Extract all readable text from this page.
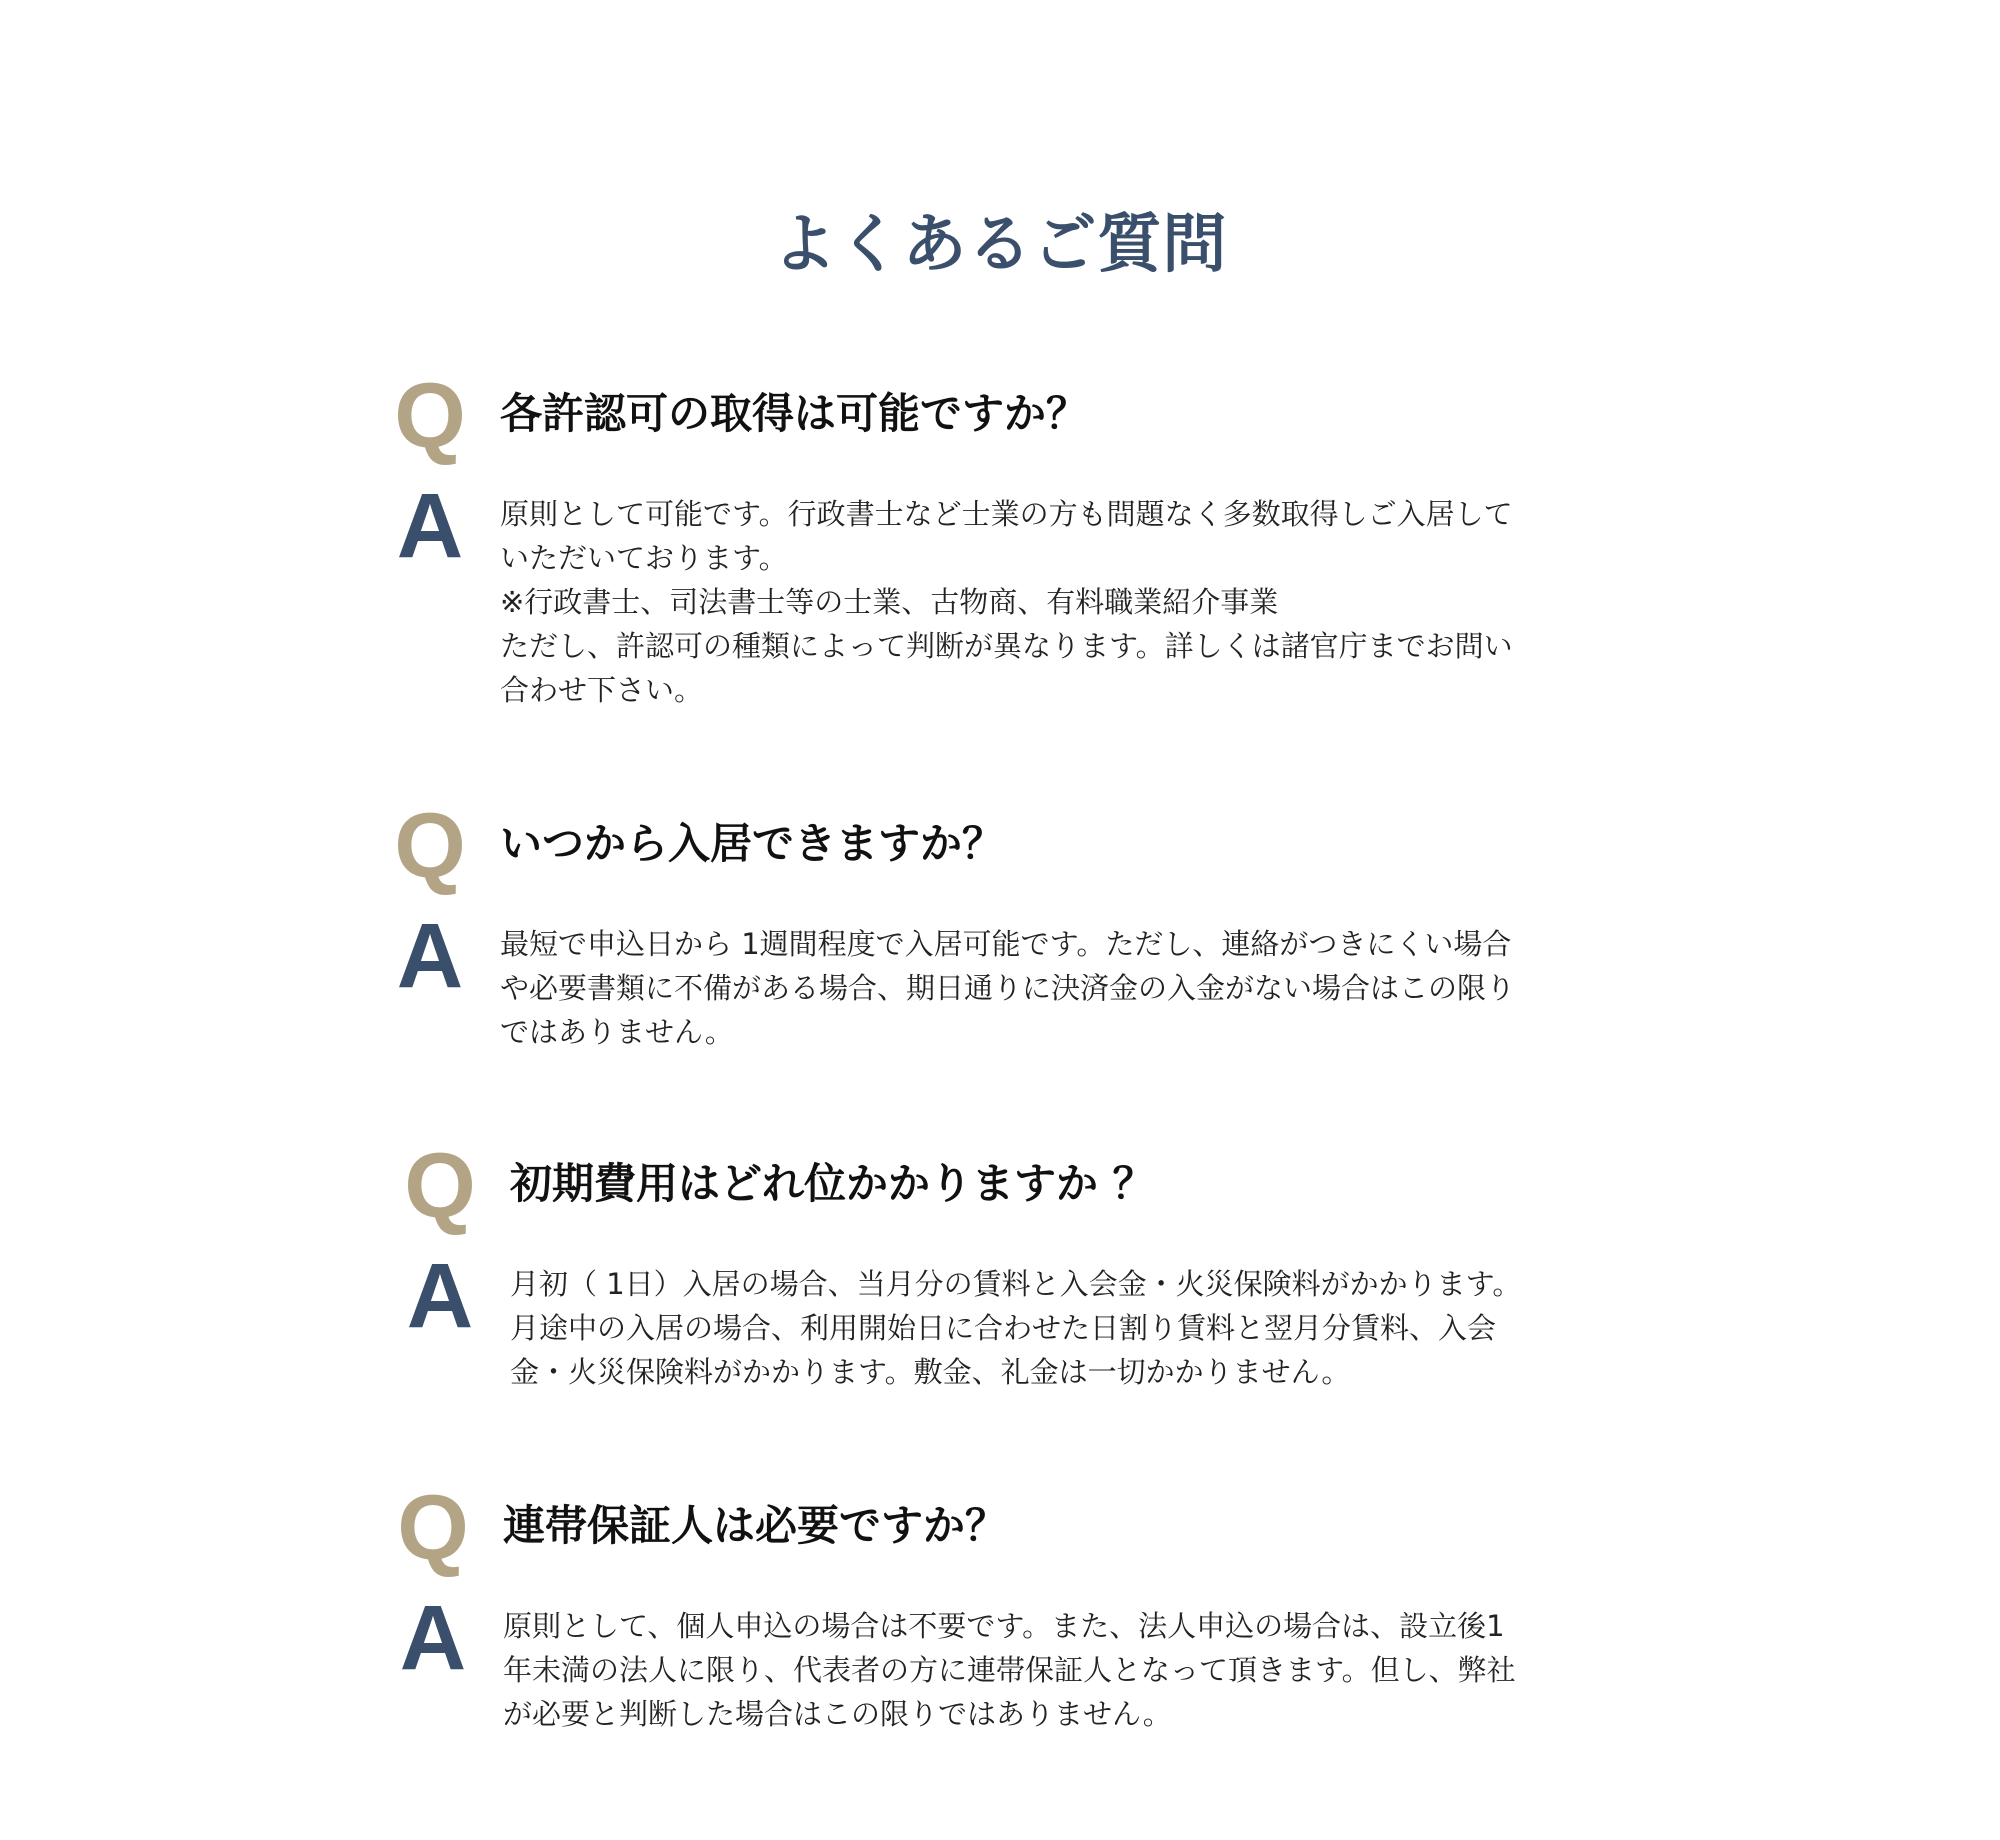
よくあるご質問
Q 各許認可の取得は可能ですか？
A 原則として可能です。行政書士など士業の方も問題なく多数取得しご入居して

いただいております。

※行政書士、司法書士等の士業、古物商、有料職業紹介事業

ただし、許認可の種類によって判断が異なります。詳しくは諸官庁までお問い

合わせ下さい。

Q いつから入居できますか？
A 最短で申込日から 1週間程度で入居可能です。ただし、連絡がつきにくい場合

や必要書類に不備がある場合、期日通りに決済金の入金がない場合はこの限り

ではありません。

Q 初期費用はどれ位かかりますか ？
A 月初（ 1日）入居の場合、当月分の賃料と入会金・火災保険料がかかります。

月途中の入居の場合、利用開始日に合わせた日割り賃料と翌月分賃料、入会

金・火災保険料がかかります。敷金、礼金は一切かかりません。

Q 連帯保証人は必要ですか？
A 原則として、個人申込の場合は不要です。また、法人申込の場合は、設立後1

年未満の法人に限り、代表者の方に連帯保証人となって頂きます。但し、弊社

が必要と判断した場合はこの限りではありません。
